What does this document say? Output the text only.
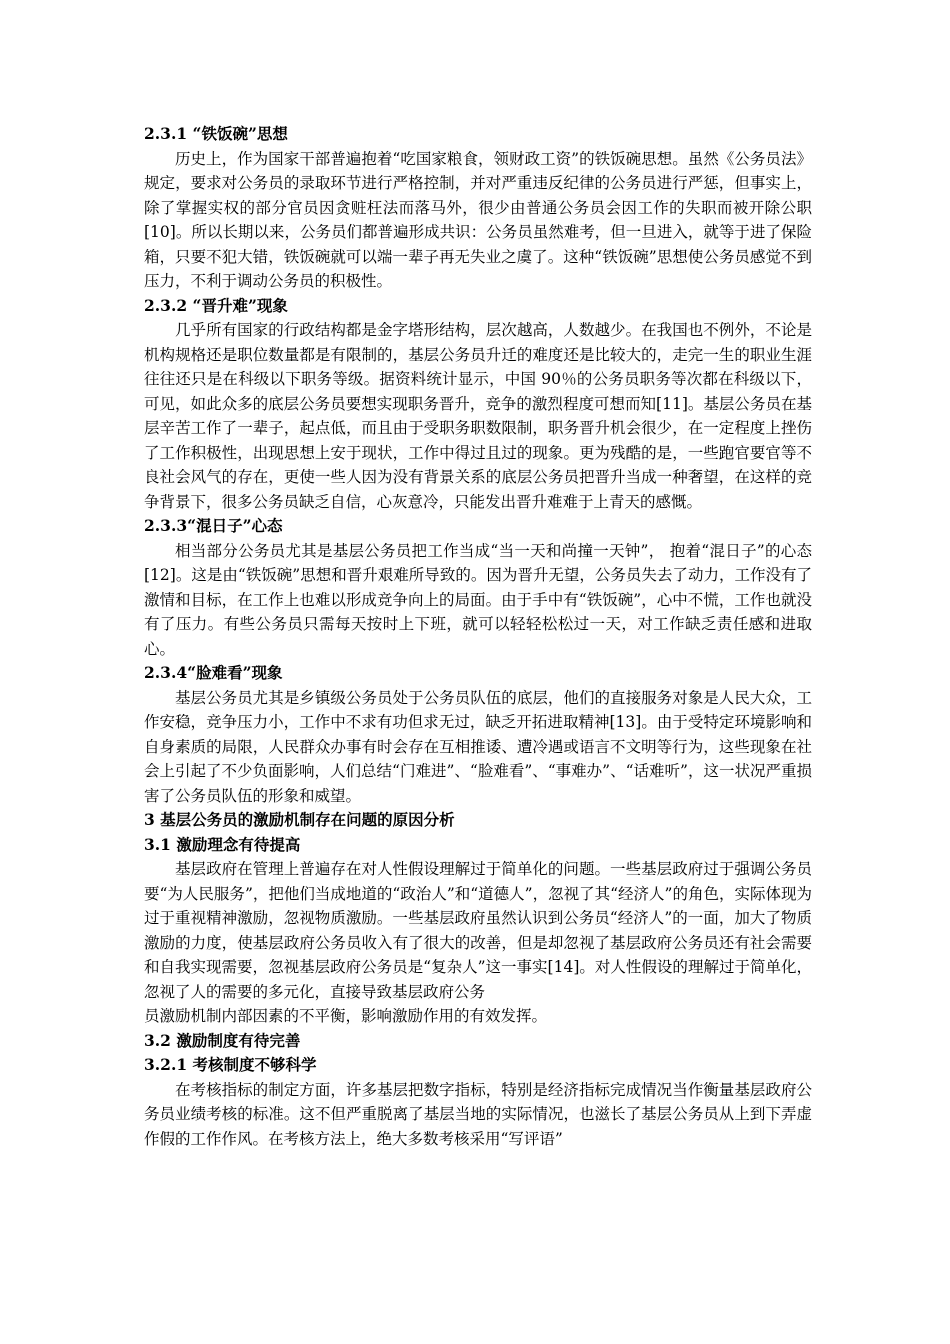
2.3.1 “铁饭碗”思想

历史上，作为国家干部普遍抱着“吃国家粮食，领财政工资”的铁饭碗思想。虽然《公务员法》规定，要求对公务员的录取环节进行严格控制，并对严重违反纪律的公务员进行严惩，但事实上，除了掌握实权的部分官员因贪赃枉法而落马外，很少由普通公务员会因工作的失职而被开除公职[10]。所以长期以来，公务员们都普遍形成共识：公务员虽然难考，但一旦进入，就等于进了保险箱，只要不犯大错，铁饭碗就可以端一辈子再无失业之虞了。这种“铁饭碗”思想使公务员感觉不到压力，不利于调动公务员的积极性。

2.3.2 “晋升难”现象

几乎所有国家的行政结构都是金字塔形结构，层次越高，人数越少。在我国也不例外，不论是机构规格还是职位数量都是有限制的，基层公务员升迁的难度还是比较大的，走完一生的职业生涯往往还只是在科级以下职务等级。据资料统计显示，中国 90％的公务员职务等次都在科级以下，可见，如此众多的底层公务员要想实现职务晋升，竞争的激烈程度可想而知[11]。基层公务员在基层辛苦工作了一辈子，起点低，而且由于受职务职数限制，职务晋升机会很少，在一定程度上挫伤了工作积极性，出现思想上安于现状，工作中得过且过的现象。更为残酷的是，一些跑官要官等不良社会风气的存在，更使一些人因为没有背景关系的底层公务员把晋升当成一种奢望，在这样的竞争背景下，很多公务员缺乏自信，心灰意冷，只能发出晋升难难于上青天的感慨。

2.3.3“混日子”心态

相当部分公务员尤其是基层公务员把工作当成“当一天和尚撞一天钟”， 抱着“混日子”的心态[12]。这是由“铁饭碗”思想和晋升艰难所导致的。因为晋升无望，公务员失去了动力，工作没有了激情和目标，在工作上也难以形成竞争向上的局面。由于手中有“铁饭碗”，心中不慌，工作也就没有了压力。有些公务员只需每天按时上下班，就可以轻轻松松过一天，对工作缺乏责任感和进取心。

2.3.4“脸难看”现象

基层公务员尤其是乡镇级公务员处于公务员队伍的底层，他们的直接服务对象是人民大众，工作安稳，竞争压力小，工作中不求有功但求无过，缺乏开拓进取精神[13]。由于受特定环境影响和自身素质的局限，人民群众办事有时会存在互相推诿、遭冷遇或语言不文明等行为，这些现象在社会上引起了不少负面影响，人们总结“门难进”、“脸难看”、“事难办”、“话难听”，这一状况严重损害了公务员队伍的形象和威望。

3 基层公务员的激励机制存在问题的原因分析

3.1 激励理念有待提高

基层政府在管理上普遍存在对人性假设理解过于简单化的问题。一些基层政府过于强调公务员要“为人民服务”，把他们当成地道的“政治人”和“道德人”，忽视了其“经济人”的角色，实际体现为过于重视精神激励，忽视物质激励。一些基层政府虽然认识到公务员“经济人”的一面，加大了物质激励的力度，使基层政府公务员收入有了很大的改善，但是却忽视了基层政府公务员还有社会需要和自我实现需要，忽视基层政府公务员是“复杂人”这一事实[14]。对人性假设的理解过于简单化，忽视了人的需要的多元化，直接导致基层政府公务

员激励机制内部因素的不平衡，影响激励作用的有效发挥。

3.2 激励制度有待完善

3.2.1 考核制度不够科学

在考核指标的制定方面，许多基层把数字指标，特别是经济指标完成情况当作衡量基层政府公务员业绩考核的标准。这不但严重脱离了基层当地的实际情况，也滋长了基层公务员从上到下弄虚作假的工作作风。在考核方法上，绝大多数考核采用“写评语”
